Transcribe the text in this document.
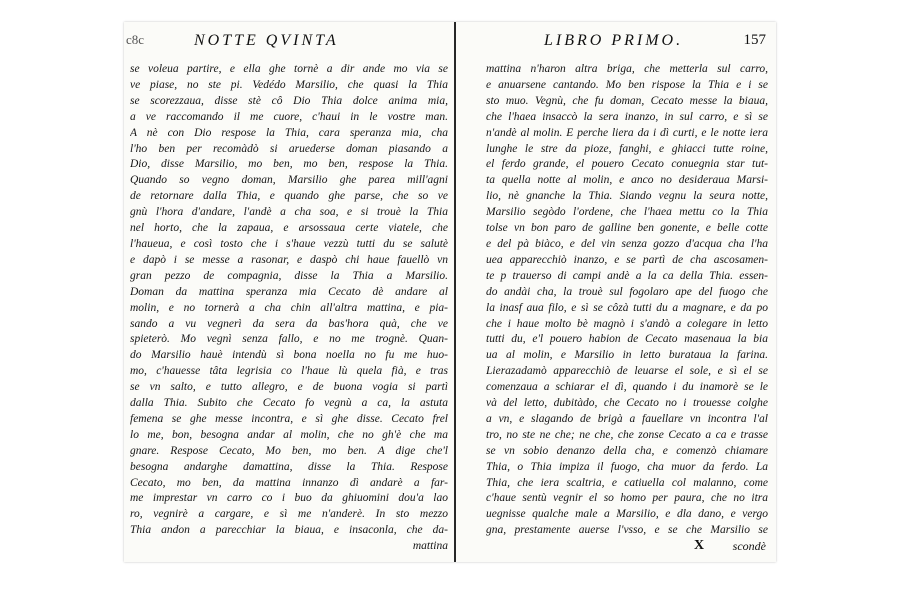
c8c	NOTTE QVINTA
se voleua partire, e ella ghe tornè a dir ande mo via se
ve piase, no ste pi. Vedédo Marsilio, che quasi la Thia
se scorezzaua, disse stè cô Dio Thia dolce anima mia,
a ve raccomando il me cuore, c'haui in le vostre man.
A nè con Dio respose la Thia, cara speranza mia, cha
l'ho ben per recomàdò si aruederse doman piasando a
Dio, disse Marsilio, mo ben, mo ben, respose la Thia.
Quando so vegno doman, Marsilio ghe parea mill'agni
de retornare dalla Thia, e quando ghe parse, che so ve
gnù l'hora d'andare, l'andè a cha soa, e si trouè la Thia
nel horto, che la zapaua, e arsossaua certe viatele, che
l'haueua, e così tosto che i s'haue vezzù tutti du se salutè
e dapò i se messe a rasonar, e daspò chi haue fauellò vn
gran pezzo de compagnia, disse la Thia a Marsilio.
Doman da mattina speranza mia Cecato dè andare al
molin, e no tornerà a cha chin all'altra mattina, e pia-
sando a vu vegnerì da sera da bas'hora quà, che ve
spieterò. Mo vegnì senza fallo, e no me trognè. Quan-
do Marsilio hauè intendù sì bona noella no fu me huo-
mo, c'hauesse tâta legrisia co l'haue lù quela fià, e tras
se vn salto, e tutto allegro, e de buona vogia si partì
dalla Thia. Subito che Cecato fo vegnù a ca, la astuta
femena se ghe messe incontra, e sì ghe disse. Cecato frel
lo me, bon, besogna andar al molin, che no gh'è che ma
gnare. Respose Cecato, Mo ben, mo ben. A dige che'l
besogna andarghe damattina, disse la Thia. Respose
Cecato, mo ben, da mattina innanzo dì andarè a far-
me imprestar vn carro co i buo da ghiuomini dou'a lao
ro, vegnirè a cargare, e sì me n'anderè. In sto mezzo
Thia andon a parecchiar la biaua, e insaconla, che da-
mattina
LIBRO PRIMO.	157
mattina n'haron altra briga, che metterla sul carro,
e anuarsene cantando. Mo ben rispose la Thia e i se
sto muo. Vegnù, che fu doman, Cecato messe la biaua,
che l'haea insaccò la sera inanzo, in sul carro, e sì se
n'andè al molin. E perche liera da i dì curti, e le notte iera
lunghe le stre da pioze, fanghi, e ghiacci tutte roine,
el ferdo grande, el pouero Cecato conuegnia star tut-
ta quella notte al molin, e anco no desideraua Marsi-
lio, nè gnanche la Thia. Siando vegnu la seura notte,
Marsilio segòdo l'ordene, che l'haea mettu co la Thia
tolse vn bon paro de galline ben gonente, e belle cotte
e del pà biàco, e del vin senza gozzo d'acqua cha l'ha
uea apparecchiò inanzo, e se partì de cha ascosamen-
te p trauerso di campi andè a la ca della Thia. essen-
do andài cha, la trouè sul fogolaro ape del fuogo che
la inasf aua filo, e sì se côzà tutti du a magnare, e da po
che i haue molto bè magnò i s'andò a colegare in letto
tutti du, e'l pouero habion de Cecato masenaua la bia
ua al molin, e Marsilio in letto burataua la farina.
Lierazadamò apparecchiò de leuarse el sole, e sì el se
comenzaua a schiarar el dì, quando i du inamorè se le
và del letto, dubitàdo, che Cecato no i trouesse colghe
a vn, e slagando de brigà a fauellare vn incontra l'al
tro, no ste ne che; ne che, che zonse Cecato a ca e trasse
se vn sobio denanzo della cha, e comenzò chiamare
Thia, o Thia impiza il fuogo, cha muor da ferdo. La
Thia, che iera scaltria, e catiuella col malanno, come
c'haue sentù vegnir el so homo per paura, che no itra
uegnisse qualche male a Marsilio, e dla dano, e vergo
gna, prestamente auerse l'vsso, e se che Marsilio se
X scondè
